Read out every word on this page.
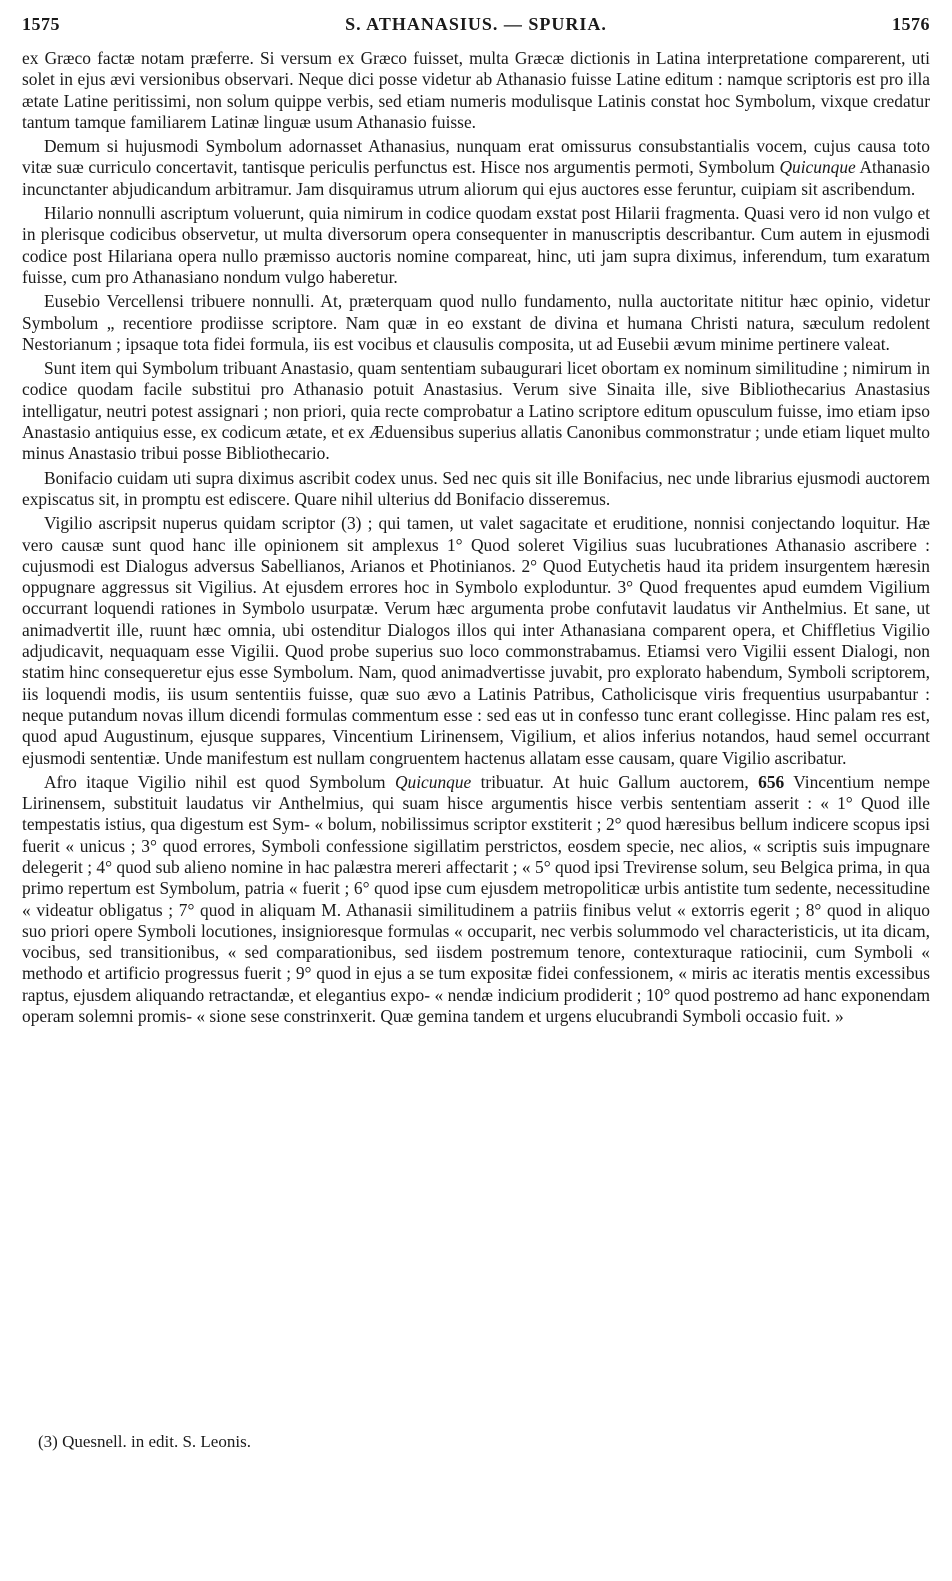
1575	S. ATHANASIUS. — SPURIA.	1576

ex Græco factæ notam præferre. Si versum ex Græco fuisset, multa Græcæ dictionis in Latina interpretatione comparerent, uti solet in ejus ævi versionibus observari. Neque dici posse videtur ab Athanasio fuisse Latine editum : namque scriptoris est pro illa ætate Latine peritissimi, non solum quippe verbis, sed etiam numeris modulisque Latinis constat hoc Symbolum, vixque credatur tantum tamque familiarem Latinæ linguæ usum Athanasio fuisse.

Demum si hujusmodi Symbolum adornasset Athanasius, nunquam erat omissurus consubstantialis vocem, cujus causa toto vitæ suæ curriculo concertavit, tantisque periculis perfunctus est. Hisce nos argumentis permoti, Symbolum Quicunque Athanasio incunctanter abjudicandum arbitramur. Jam disquiramus utrum aliorum qui ejus auctores esse feruntur, cuipiam sit ascribendum.

Hilario nonnulli ascriptum voluerunt, quia nimirum in codice quodam exstat post Hilarii fragmenta. Quasi vero id non vulgo et in plerisque codicibus observetur, ut multa diversorum opera consequenter in manuscriptis describantur. Cum autem in ejusmodi codice post Hilariana opera nullo præmisso auctoris nomine compareat, hinc, uti jam supra diximus, inferendum, tum exaratum fuisse, cum pro Athanasiano nondum vulgo haberetur.

Eusebio Vercellensi tribuere nonnulli. At, præterquam quod nullo fundamento, nulla auctoritate nititur hæc opinio, videtur Symbolum „ recentiore prodiisse scriptore. Nam quæ in eo exstant de divina et humana Christi natura, sæculum redolent Nestorianum ; ipsaque tota fidei formula, iis est vocibus et clausulis composita, ut ad Eusebii ævum minime pertinere valeat.

Sunt item qui Symbolum tribuant Anastasio, quam sententiam subaugurari licet obortam ex nominum similitudine ; nimirum in codice quodam facile substitui pro Athanasio potuit Anastasius. Verum sive Sinaita ille, sive Bibliothecarius Anastasius intelligatur, neutri potest assignari ; non priori, quia recte comprobatur a Latino scriptore editum opusculum fuisse, imo etiam ipso Anastasio antiquius esse, ex codicum ætate, et ex Æduensibus superius allatis Canonibus commonstratur ; unde etiam liquet multo minus Anastasio tribui posse Bibliothecario.

Bonifacio cuidam uti supra diximus ascribit codex unus. Sed nec quis sit ille Bonifacius, nec unde librarius ejusmodi auctorem expiscatus sit, in promptu est ediscere. Quare nihil ulterius dd Bonifacio disseremus.

Vigilio ascripsit nuperus quidam scriptor (3) ; qui tamen, ut valet sagacitate et eruditione, nonnisi conjectando loquitur. Hæ vero causæ sunt quod hanc ille opinionem sit amplexus 1° Quod soleret Vigilius suas lucubrationes Athanasio ascribere : cujusmodi est Dialogus adversus Sabellianos, Arianos et Photinianos. 2° Quod Eutychetis haud ita pridem insurgentem hæresin oppugnare aggressus sit Vigilius. At ejusdem errores hoc in Symbolo exploduntur. 3° Quod frequentes apud eumdem Vigilium occurrant loquendi rationes in Symbolo usurpatæ. Verum hæc argumenta probe confutavit laudatus vir Anthelmius. Et sane, ut animadvertit ille, ruunt hæc omnia, ubi ostenditur Dialogos illos qui inter Athanasiana comparent opera, et Chiffletius Vigilio adjudicavit, nequaquam esse Vigilii. Quod probe superius suo loco commonstrabamus. Etiamsi vero Vigilii essent Dialogi, non statim hinc consequeretur ejus esse Symbolum. Nam, quod animadvertisse juvabit, pro explorato habendum, Symboli scriptorem, iis loquendi modis, iis usum sententiis fuisse, quæ suo ævo a Latinis Patribus, Catholicisque viris frequentius usurpabantur : neque putandum novas illum dicendi formulas commentum esse : sed eas ut in confesso tunc erant collegisse. Hinc palam res est, quod apud Augustinum, ejusque suppares, Vincentium Lirinensem, Vigilium, et alios inferius notandos, haud semel occurrant ejusmodi sententiæ. Unde manifestum est nullam congruentem hactenus allatam esse causam, quare Vigilio ascribatur.

Afro itaque Vigilio nihil est quod Symbolum Quicunque tribuatur. At huic Gallum auctorem, 656 Vincentium nempe Lirinensem, substituit laudatus vir Anthelmius, qui suam hisce argumentis hisce verbis sententiam asserit : « 1° Quod ille tempestatis istius, qua digestum est Sym- « bolum, nobilissimus scriptor exstiterit ; 2° quod hæresibus bellum indicere scopus ipsi fuerit « unicus ; 3° quod errores, Symboli confessione sigillatim perstrictos, eosdem specie, nec alios, « scriptis suis impugnare delegerit ; 4° quod sub alieno nomine in hac palæstra mereri affectarit ; « 5° quod ipsi Trevirense solum, seu Belgica prima, in qua primo repertum est Symbolum, patria « fuerit ; 6° quod ipse cum ejusdem metropoliticæ urbis antistite tum sedente, necessitudine « videatur obligatus ; 7° quod in aliquam M. Athanasii similitudinem a patriis finibus velut « extorris egerit ; 8° quod in aliquo suo priori opere Symboli locutiones, insignioresque formulas « occuparit, nec verbis solummodo vel characteristicis, ut ita dicam, vocibus, sed transitionibus, « sed comparationibus, sed iisdem postremum tenore, contexturaque ratiocinii, cum Symboli « methodo et artificio progressus fuerit ; 9° quod in ejus a se tum expositæ fidei confessionem, « miris ac iteratis mentis excessibus raptus, ejusdem aliquando retractandæ, et elegantius expo- « nendæ indicium prodiderit ; 10° quod postremo ad hanc exponendam operam solemni promis- « sione sese constrinxerit. Quæ gemina tandem et urgens elucubrandi Symboli occasio fuit. »

(3) Quesnell. in edit. S. Leonis.
